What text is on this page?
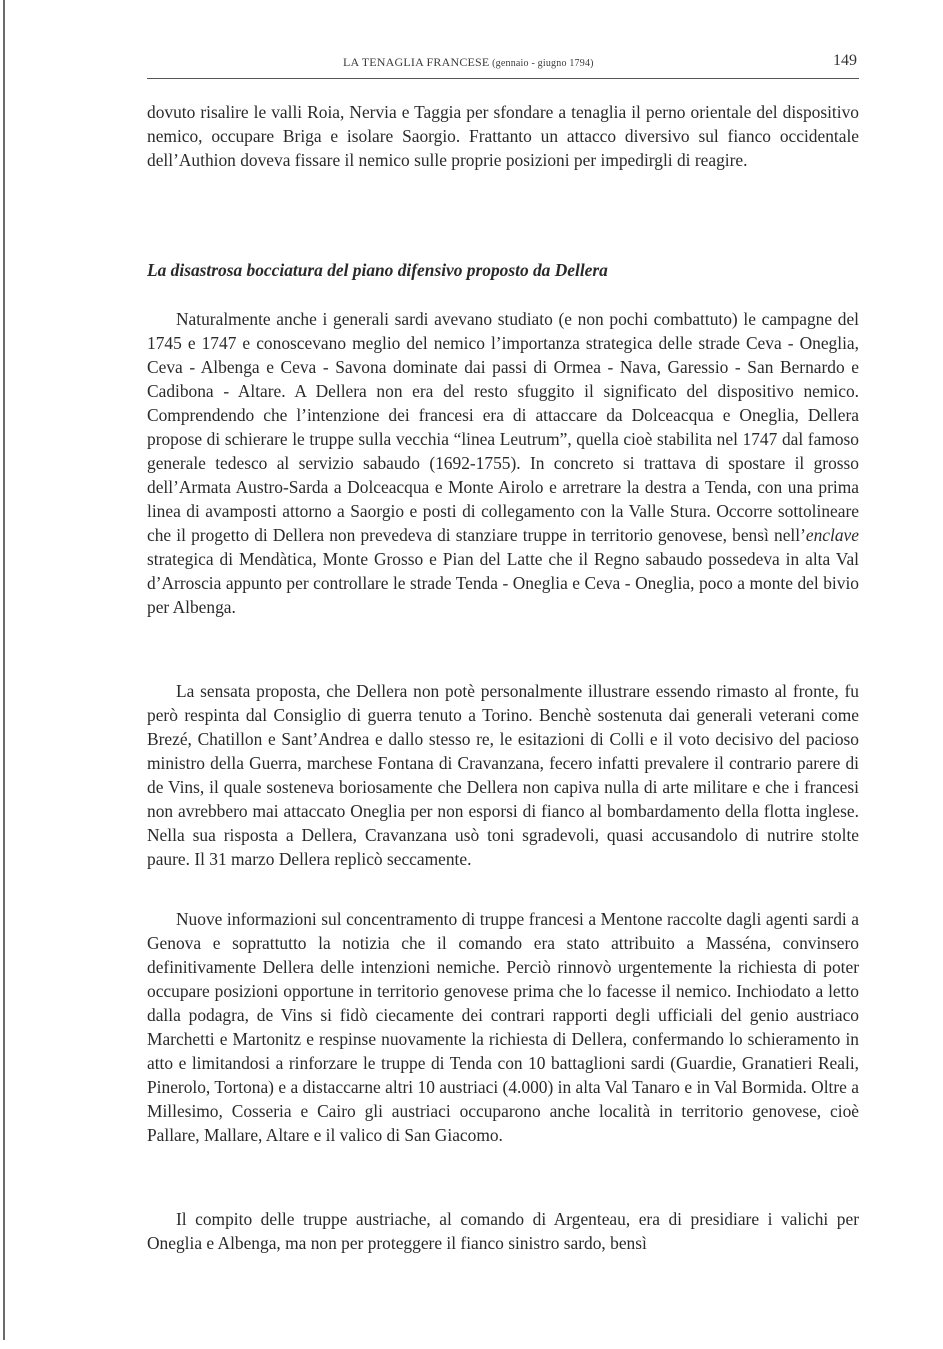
LA TENAGLIA FRANCESE (gennaio - giugno 1794)	149

dovuto risalire le valli Roia, Nervia e Taggia per sfondare a tenaglia il perno orientale del dispositivo nemico, occupare Briga e isolare Saorgio. Frattanto un attacco diversivo sul fianco occidentale dell’Authion doveva fissare il nemico sulle proprie posizioni per impedirgli di reagire.

La disastrosa bocciatura del piano difensivo proposto da Dellera

Naturalmente anche i generali sardi avevano studiato (e non pochi combattuto) le campagne del 1745 e 1747 e conoscevano meglio del nemico l’importanza strategica delle strade Ceva - Oneglia, Ceva - Albenga e Ceva - Savona dominate dai passi di Ormea - Nava, Garessio - San Bernardo e Cadibona - Altare. A Dellera non era del resto sfuggito il significato del dispositivo nemico. Comprendendo che l’intenzione dei francesi era di attaccare da Dolceacqua e Oneglia, Dellera propose di schierare le truppe sulla vecchia “linea Leutrum”, quella cioè stabilita nel 1747 dal famoso generale tedesco al servizio sabaudo (1692-1755). In concreto si trattava di spostare il grosso dell’Armata Austro-Sarda a Dolceacqua e Monte Airolo e arretrare la destra a Tenda, con una prima linea di avamposti attorno a Saorgio e posti di collegamento con la Valle Stura. Occorre sottolineare che il progetto di Dellera non prevedeva di stanziare truppe in territorio genovese, bensì nell’enclave strategica di Mendàtica, Monte Grosso e Pian del Latte che il Regno sabaudo possedeva in alta Val d’Arroscia appunto per controllare le strade Tenda - Oneglia e Ceva - Oneglia, poco a monte del bivio per Albenga.

La sensata proposta, che Dellera non potè personalmente illustrare essendo rimasto al fronte, fu però respinta dal Consiglio di guerra tenuto a Torino. Benchè sostenuta dai generali veterani come Brezé, Chatillon e Sant’Andrea e dallo stesso re, le esitazioni di Colli e il voto decisivo del pacioso ministro della Guerra, marchese Fontana di Cravanzana, fecero infatti prevalere il contrario parere di de Vins, il quale sosteneva boriosamente che Dellera non capiva nulla di arte militare e che i francesi non avrebbero mai attaccato Oneglia per non esporsi di fianco al bombardamento della flotta inglese. Nella sua risposta a Dellera, Cravanzana usò toni sgradevoli, quasi accusandolo di nutrire stolte paure. Il 31 marzo Dellera replicò seccamente.

Nuove informazioni sul concentramento di truppe francesi a Mentone raccolte dagli agenti sardi a Genova e soprattutto la notizia che il comando era stato attribuito a Masséna, convinsero definitivamente Dellera delle intenzioni nemiche. Perciò rinnovò urgentemente la richiesta di poter occupare posizioni opportune in territorio genovese prima che lo facesse il nemico. Inchiodato a letto dalla podagra, de Vins si fidò ciecamente dei contrari rapporti degli ufficiali del genio austriaco Marchetti e Martonitz e respinse nuovamente la richiesta di Dellera, confermando lo schieramento in atto e limitandosi a rinforzare le truppe di Tenda con 10 battaglioni sardi (Guardie, Granatieri Reali, Pinerolo, Tortona) e a distaccarne altri 10 austriaci (4.000) in alta Val Tanaro e in Val Bormida. Oltre a Millesimo, Cosseria e Cairo gli austriaci occuparono anche località in territorio genovese, cioè Pallare, Mallare, Altare e il valico di San Giacomo.

Il compito delle truppe austriache, al comando di Argenteau, era di presidiare i valichi per Oneglia e Albenga, ma non per proteggere il fianco sinistro sardo, bensì
